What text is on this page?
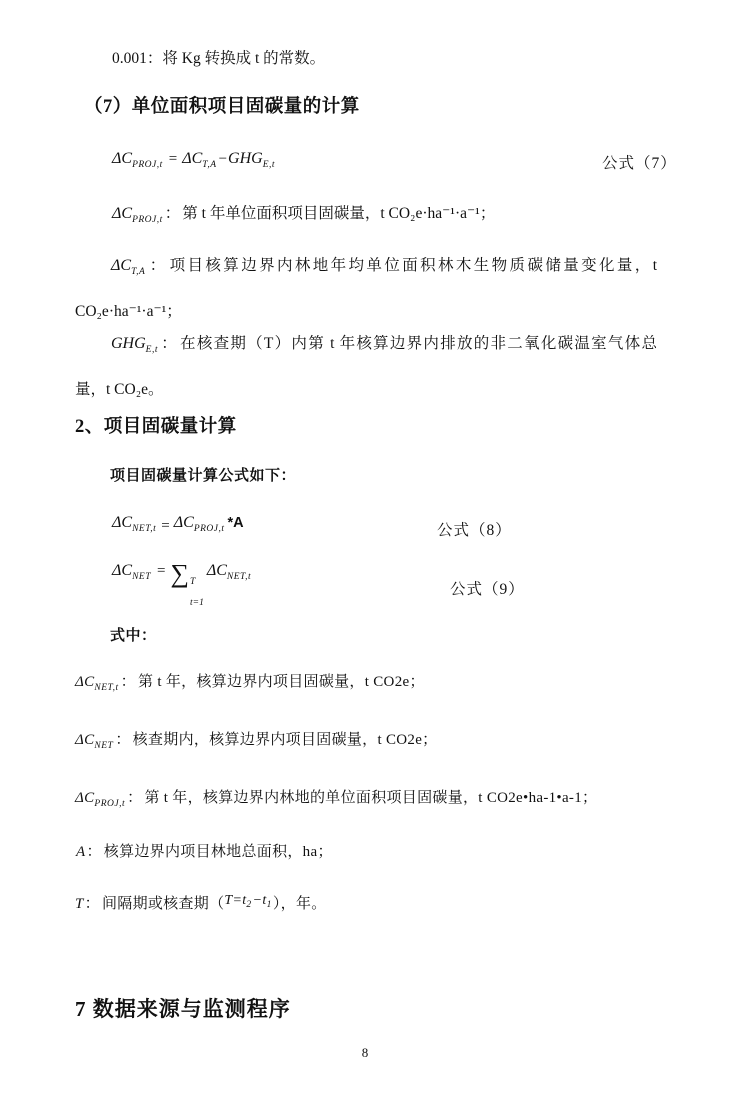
0.001：将 Kg 转换成 t 的常数。
（7）单位面积项目固碳量的计算
$\Delta C_{PROJ,t} = \Delta C_{T,A} -GHG_{E,t}$	公式（7）
$\Delta C_{PROJ,t}$ ： 第 t 年单位面积项目固碳量，t CO₂e·ha⁻¹·a⁻¹；
$\Delta C_{T,A}$ ： 项目核算边界内林地年均单位面积林木生物质碳储量变化量，t
CO₂e·ha⁻¹·a⁻¹；
$GHG_{E,t}$ ： 在核查期（T）内第 t 年核算边界内排放的非二氧化碳温室气体总
量，t CO₂e。
2、项目固碳量计算
项目固碳量计算公式如下：
$\Delta C_{NET,t} = \Delta C_{PROJ,t}$ *A	公式（8）
$\Delta C_{NET}$ = ∑ T
t=1
$\Delta C_{NET,t}$
公式（9）
式中：
$\Delta C_{NET,t}$ ： 第 t 年，核算边界内项目固碳量，t CO2e；
$\Delta C_{NET}$ ： 核查期内，核算边界内项目固碳量，t CO2e；
$\Delta C_{PROJ,t}$ ： 第 t 年，核算边界内林地的单位面积项目固碳量，t CO2e•ha-1•a-1；
A： 核算边界内项目林地总面积，ha；
T： 间隔期或核查期$(T=t_2-t_1)$，年。
7 数据来源与监测程序
8
